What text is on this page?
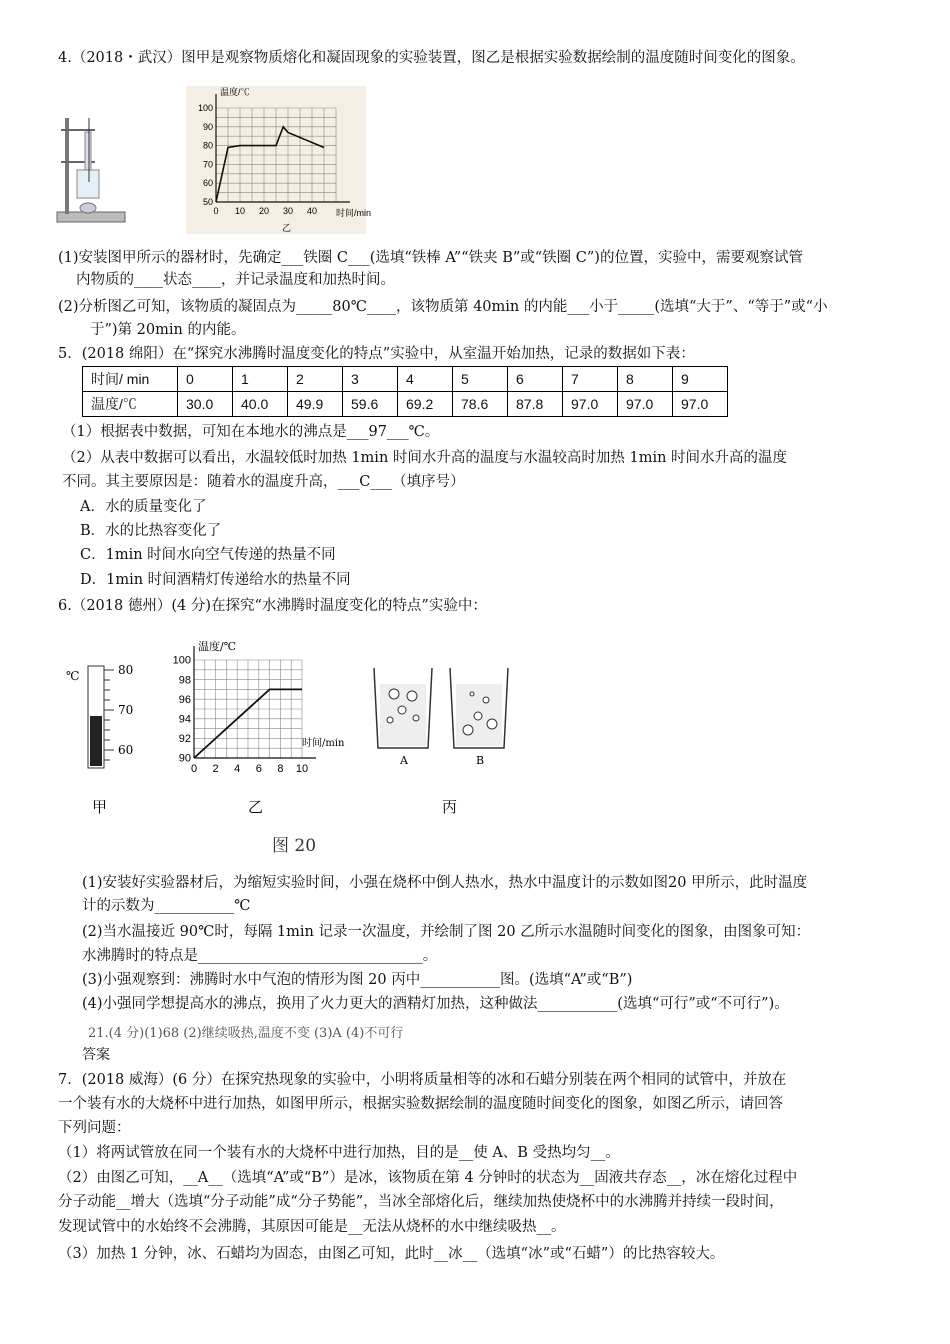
4.（2018・武汉）图甲是观察物质熔化和凝固现象的实验装置，图乙是根据实验数据绘制的温度随时间变化的图象。
0 10 20 30 40
50
60
70
80
90
100
温度/℃
时间/min
乙
(1)安装图甲所示的器材时，先确定___铁圈 C___(选填“铁棒 A”“铁夹 B”或“铁圈 C”)的位置，实验中，需要观察试管
内物质的____状态____，并记录温度和加热时间。
(2)分析图乙可知，该物质的凝固点为_____80℃____，该物质第 40min 的内能___小于_____(选填“大于”、“等于”或“小
于”)第 20min 的内能。
5．(2018 绵阳）在“探究水沸腾时温度变化的特点”实验中，从室温开始加热，记录的数据如下表：
时间/ min	0	1	2	3	4	5	6	7	8	9
温度/℃	30.0	40.0	49.9	59.6	69.2	78.6	87.8	97.0	97.0	97.0
（1）根据表中数据，可知在本地水的沸点是___97___℃。
（2）从表中数据可以看出，水温较低时加热 1min 时间水升高的温度与水温较高时加热 1min 时间水升高的温度
不同。其主要原因是：随着水的温度升高，___C___（填序号）
A．水的质量变化了
B．水的比热容变化了
C．1min 时间水向空气传递的热量不同
D．1min 时间酒精灯传递给水的热量不同
6.（2018 德州）(4 分)在探究“水沸腾时温度变化的特点”实验中：
℃	80
70
60
甲
0 2 4 6 8 10
90
92
94
96
98
100
温度/℃
时间/min
乙
A	B
丙
图 20
(1)安装好实验器材后，为缩短实验时间，小强在烧杯中倒人热水，热水中温度计的示数如图20 甲所示，此时温度
计的示数为___________℃
(2)当水温接近 90℃时，每隔 1min 记录一次温度，并绘制了图 20 乙所示水温随时间变化的图象，由图象可知：
水沸腾时的特点是_______________________________。
(3)小强观察到：沸腾时水中气泡的情形为图 20 丙中___________图。(选填“A”或“B”)
(4)小强同学想提高水的沸点，换用了火力更大的酒精灯加热，这种做法___________(选填“可行”或“不可行”)。
21.(4 分)(1)68 (2)继续吸热,温度不变 (3)A (4)不可行
答案
7．(2018 威海）(6 分）在探究热现象的实验中，小明将质量相等的冰和石蜡分别装在两个相同的试管中，并放在
一个装有水的大烧杯中进行加热，如图甲所示，根据实验数据绘制的温度随时间变化的图象，如图乙所示，请回答
下列问题：
（1）将两试管放在同一个装有水的大烧杯中进行加热，目的是__使 A、B 受热均匀__。
（2）由图乙可知，__A__（选填“A”或“B”）是冰，该物质在第 4 分钟时的状态为__固液共存态__，冰在熔化过程中
分子动能__增大（选填“分子动能”成“分子势能”，当冰全部熔化后，继续加热使烧杯中的水沸腾并持续一段时间，
发现试管中的水始终不会沸腾，其原因可能是__无法从烧杯的水中继续吸热__。
（3）加热 1 分钟，冰、石蜡均为固态，由图乙可知，此时__冰__（选填“冰”或“石蜡”）的比热容较大。
